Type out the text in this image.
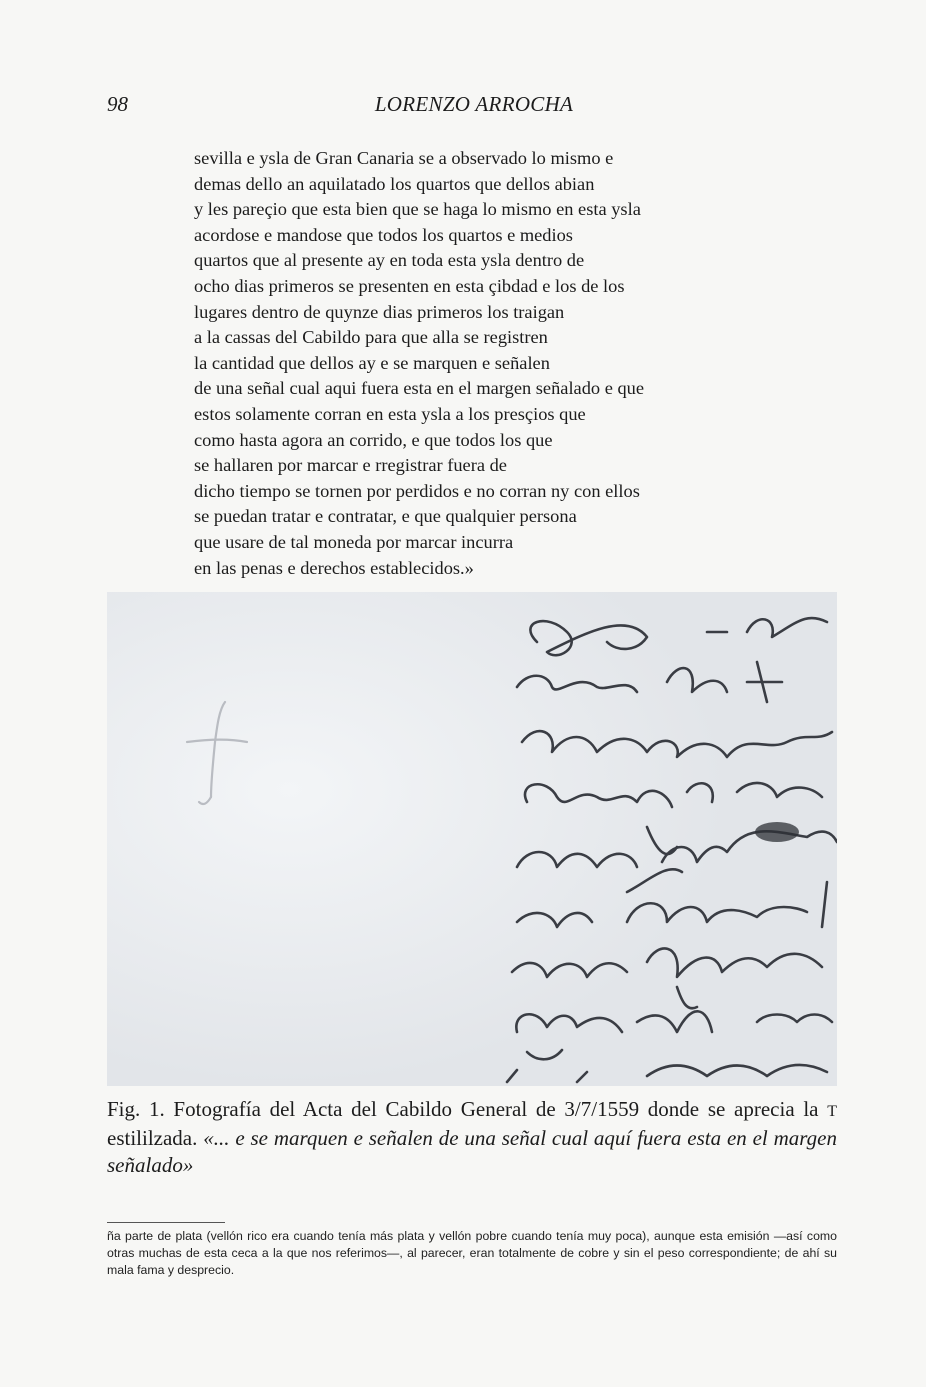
98	LORENZO ARROCHA
sevilla e ysla de Gran Canaria se a observado lo mismo e
demas dello an aquilatado los quartos que dellos abian
y les pareçio que esta bien que se haga lo mismo en esta ysla
acordose e mandose que todos los quartos e medios
quartos que al presente ay en toda esta ysla dentro de
ocho dias primeros se presenten en esta çibdad e los de los
lugares dentro de quynze dias primeros los traigan
a la cassas del Cabildo para que alla se registren
la cantidad que dellos ay e se marquen e señalen
de una señal cual aqui fuera esta en el margen señalado e que
estos solamente corran en esta ysla a los presçios que
como hasta agora an corrido, e que todos los que
se hallaren por marcar e rregistrar fuera de
dicho tiempo se tornen por perdidos e no corran ny con ellos
se puedan tratar e contratar, e que qualquier persona
que usare de tal moneda por marcar incurra
en las penas e derechos establecidos.»
Fig. 1. Fotografía del Acta del Cabildo General de 3/7/1559 donde se aprecia la T estililzada. «... e se marquen e señalen de una señal cual aquí fuera esta en el margen señalado»
ña parte de plata (vellón rico era cuando tenía más plata y vellón pobre cuando tenía muy poca), aunque esta emisión —así como otras muchas de esta ceca a la que nos referimos—, al parecer, eran totalmente de cobre y sin el peso correspondiente; de ahí su mala fama y desprecio.
